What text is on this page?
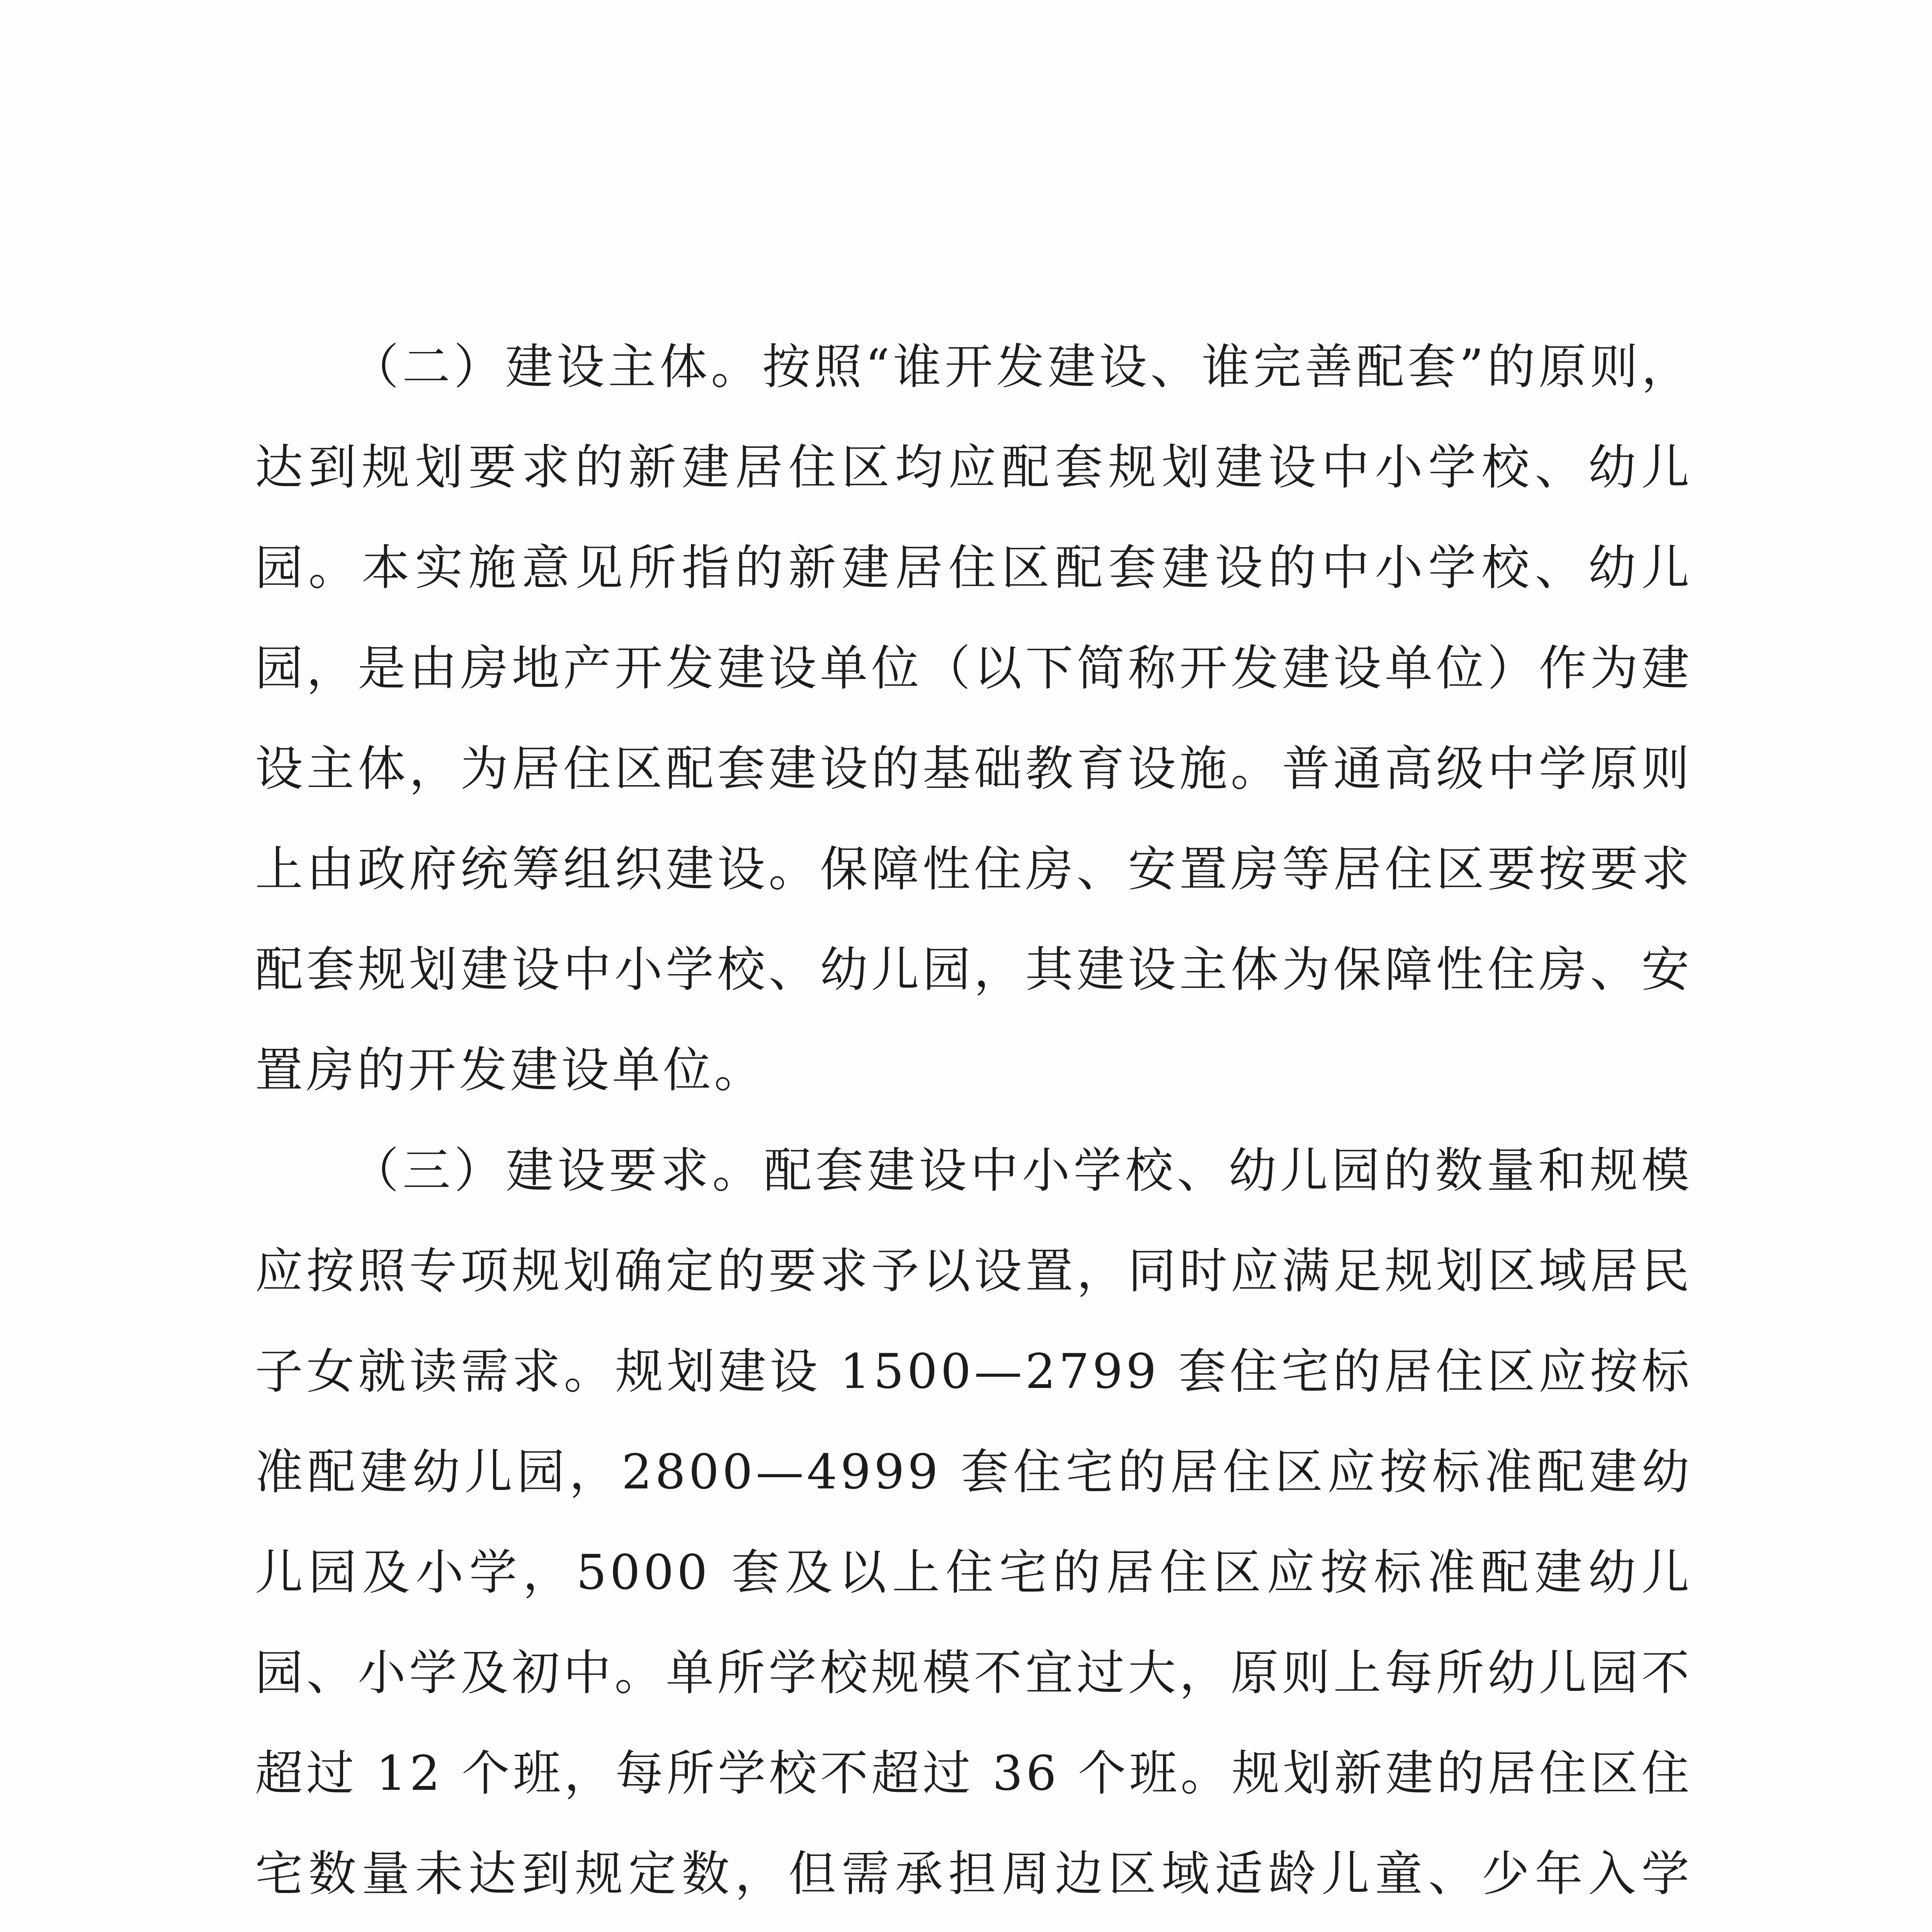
（二）建设主体。按照“谁开发建设、谁完善配套”的原则，达到规划要求的新建居住区均应配套规划建设中小学校、幼儿园。本实施意见所指的新建居住区配套建设的中小学校、幼儿园，是由房地产开发建设单位（以下简称开发建设单位）作为建设主体，为居住区配套建设的基础教育设施。普通高级中学原则上由政府统筹组织建设。保障性住房、安置房等居住区要按要求配套规划建设中小学校、幼儿园，其建设主体为保障性住房、安置房的开发建设单位。

（三）建设要求。配套建设中小学校、幼儿园的数量和规模应按照专项规划确定的要求予以设置，同时应满足规划区域居民子女就读需求。规划建设 1500—2799 套住宅的居住区应按标准配建幼儿园，2800—4999 套住宅的居住区应按标准配建幼儿园及小学，5000 套及以上住宅的居住区应按标准配建幼儿园、小学及初中。单所学校规模不宜过大，原则上每所幼儿园不超过 12 个班，每所学校不超过 36 个班。规划新建的居住区住宅数量未达到规定数，但需承担周边区域适龄儿童、少年入学
